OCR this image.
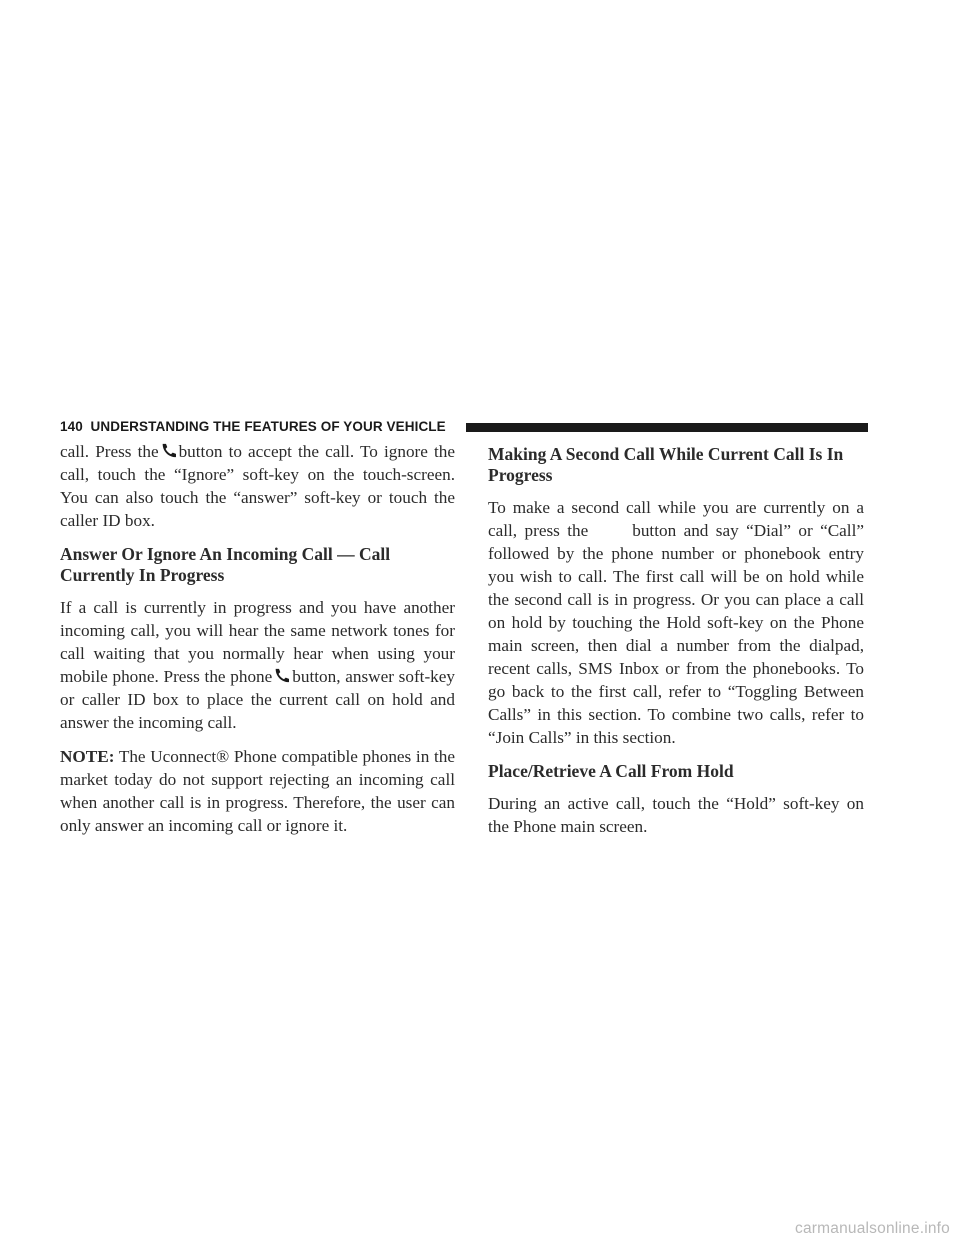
140 UNDERSTANDING THE FEATURES OF YOUR VEHICLE

call. Press the button to accept the call. To ignore the call, touch the “Ignore” soft-key on the touch-screen. You can also touch the “answer” soft-key or touch the caller ID box.

Answer Or Ignore An Incoming Call — Call Currently In Progress

If a call is currently in progress and you have another incoming call, you will hear the same network tones for call waiting that you normally hear when using your mobile phone. Press the phone button, answer soft-key or caller ID box to place the current call on hold and answer the incoming call.

NOTE: The Uconnect® Phone compatible phones in the market today do not support rejecting an incoming call when another call is in progress. Therefore, the user can only answer an incoming call or ignore it.

Making A Second Call While Current Call Is In Progress

To make a second call while you are currently on a call, press the	button and say “Dial” or “Call” followed by the phone number or phonebook entry you wish to call. The first call will be on hold while the second call is in progress. Or you can place a call on hold by touching the Hold soft-key on the Phone main screen, then dial a number from the dialpad, recent calls, SMS Inbox or from the phonebooks. To go back to the first call, refer to “Toggling Between Calls” in this section. To combine two calls, refer to “Join Calls” in this section.

Place/Retrieve A Call From Hold

During an active call, touch the “Hold” soft-key on the Phone main screen.

carmanualsonline.info
